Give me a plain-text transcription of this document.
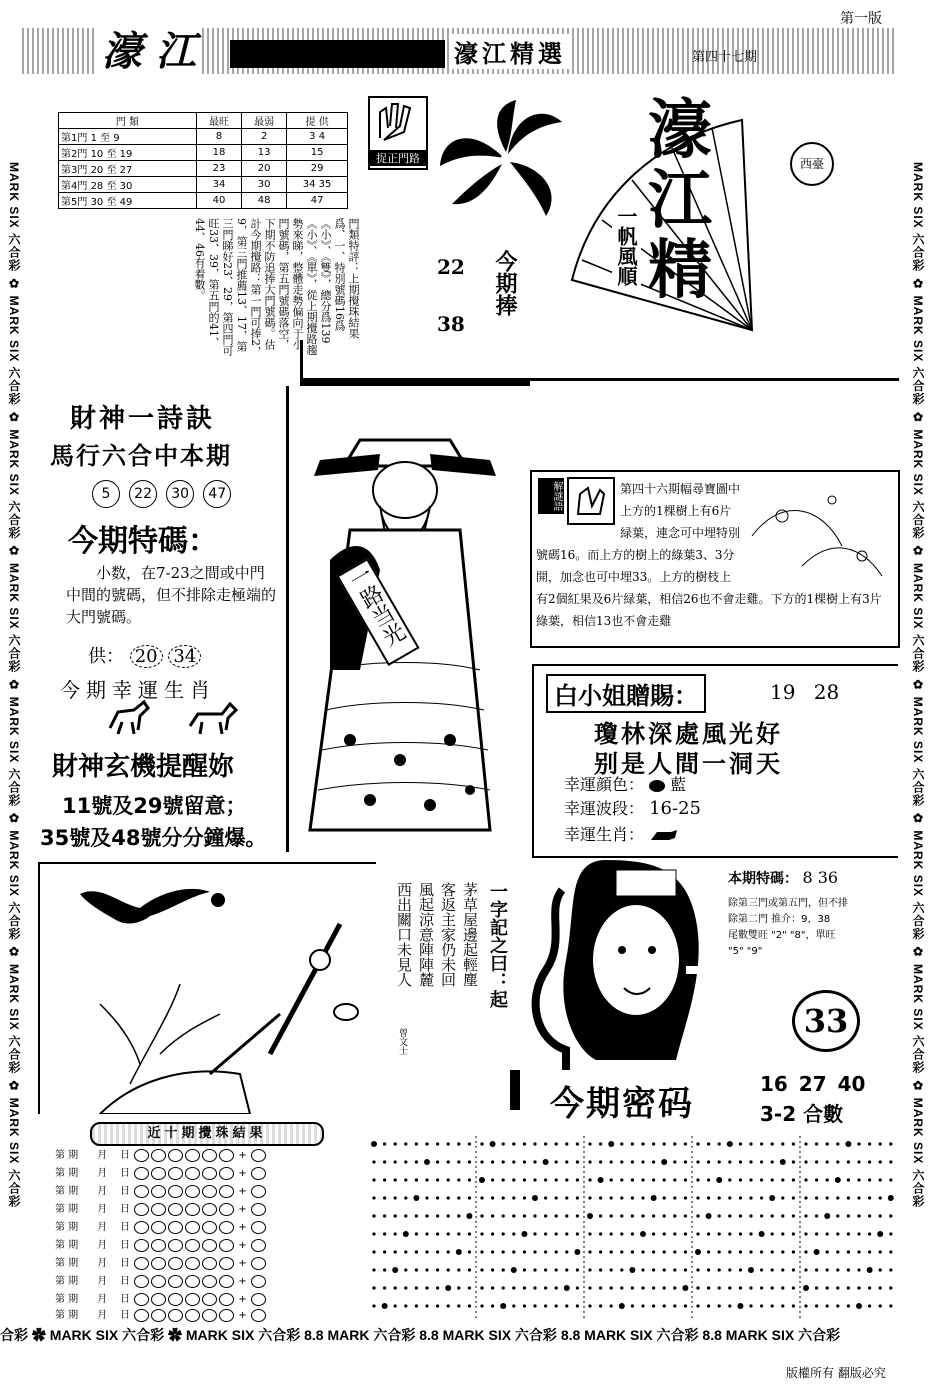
MARK SIX 六合彩 ✿ MARK SIX 六合彩 ✿ MARK SIX 六合彩 ✿ MARK SIX 六合彩 ✿ MARK SIX 六合彩 ✿ MARK SIX 六合彩 ✿ MARK SIX 六合彩 ✿ MARK SIX 六合彩	MARK SIX 六合彩 ✿ MARK SIX 六合彩 ✿ MARK SIX 六合彩 ✿ MARK SIX 六合彩 ✿ MARK SIX 六合彩 ✿ MARK SIX 六合彩 ✿ MARK SIX 六合彩 ✿ MARK SIX 六合彩
第一版
濠 江	濠江精選	第四十七期
門 類	最旺	最弱	提 供
第1門 1 至 9	8	2	3 4
第2門 10 至 19	18	13	15
第3門 20 至 27	23	20	29
第4門 28 至 30	34	30	34 35
第5門 30 至 49	40	48	47
捉正門路
門類特評：上期攪珠結果爲、一、特別號碼16爲《小》、《雙》，總分爲139《小》、《單》，從上期攪路趨勢來睇，整體走勢偏向于小門號碼，第五門號碼落空，下期不防追捧大門號碼。估計今期攪路：第一門可捧2，9，第三門推薦13、17，第三門睇好23、29，第四門可旺33、39，第五門的41、44、46有着數。	22
38
今期捧
濠江精
一帆風順
西臺
財神一詩訣
馬行六合中本期
5 22 30 47
今期特碼：
小数，在7-23之間或中門中間的號碼，但不排除走極端的大門號碼。
供： 20 34
今期幸運生肖
財神玄機提醒妳
11號及29號留意；
35號及48號分分鐘爆。
一路当光
解謎語	第四十六期幅尋寶圖中上方的1棵樹上有6片緑葉，連念可中埋特別號碼16。而上方的樹上的綠葉3、3分開，加念也可中埋33。上方的樹枝上有2個紅果及6片緑葉，相信26也不會走雞。下方的1棵樹上有3片綠葉，相信13也不會走雞
白小姐贈賜：	19 28
瓊林深處風光好
别是人間一洞天
幸運顔色： 藍
幸運波段： 16-25
幸運生肖：
一字記之曰：起
茅草屋邊起輕塵
客返主家仍未回
風起涼意陣陣麓
西出關口未見人
曾文士
本期特碼： 8 36
除第三門或第五門，但不排
除第二門 推介：9，38
尾數雙旺 "2" "8"，單旺
"5" "9"
33
今期密码	16 27 40
3-2 合數
近十期攪珠結果
第 期 月 日	+
第 期 月 日	+
第 期 月 日	+
第 期 月 日	+
第 期 月 日	+
第 期 月 日	+
第 期 月 日	+
第 期 月 日	+
第 期 月 日	+
第 期 月 日	+
合彩 ✿ MARK SIX 六合彩 ✿ MARK SIX 六合彩 8.8 MARK 六合彩 8.8 MARK SIX 六合彩 8.8 MARK SIX 六合彩 8.8 MARK SIX 六合彩
版權所有 翻版必究
